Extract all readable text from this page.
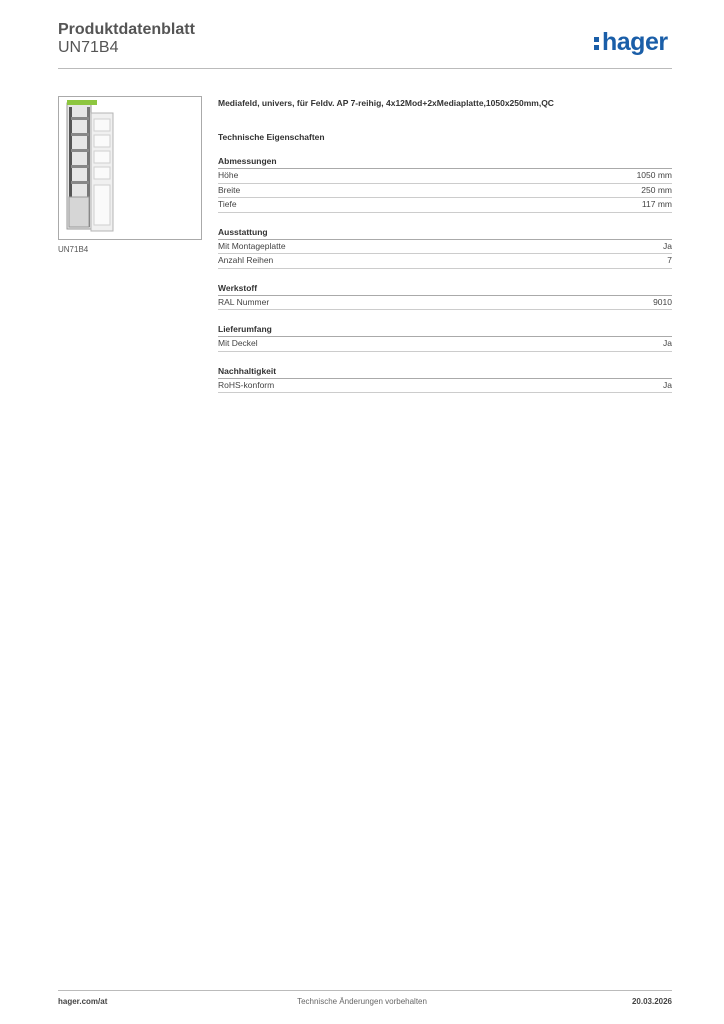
Produktdatenblatt
UN71B4	hager
UN71B4
Mediafeld, univers, für Feldv. AP 7-reihig, 4x12Mod+2xMediaplatte,1050x250mm,QC
Technische Eigenschaften
Abmessungen
Höhe	1050 mm
Breite	250 mm
Tiefe	117 mm
Ausstattung
Mit Montageplatte	Ja
Anzahl Reihen	7
Werkstoff
RAL Nummer	9010
Lieferumfang
Mit Deckel	Ja
Nachhaltigkeit
RoHS-konform	Ja
hager.com/at	Technische Änderungen vorbehalten	20.03.2026
